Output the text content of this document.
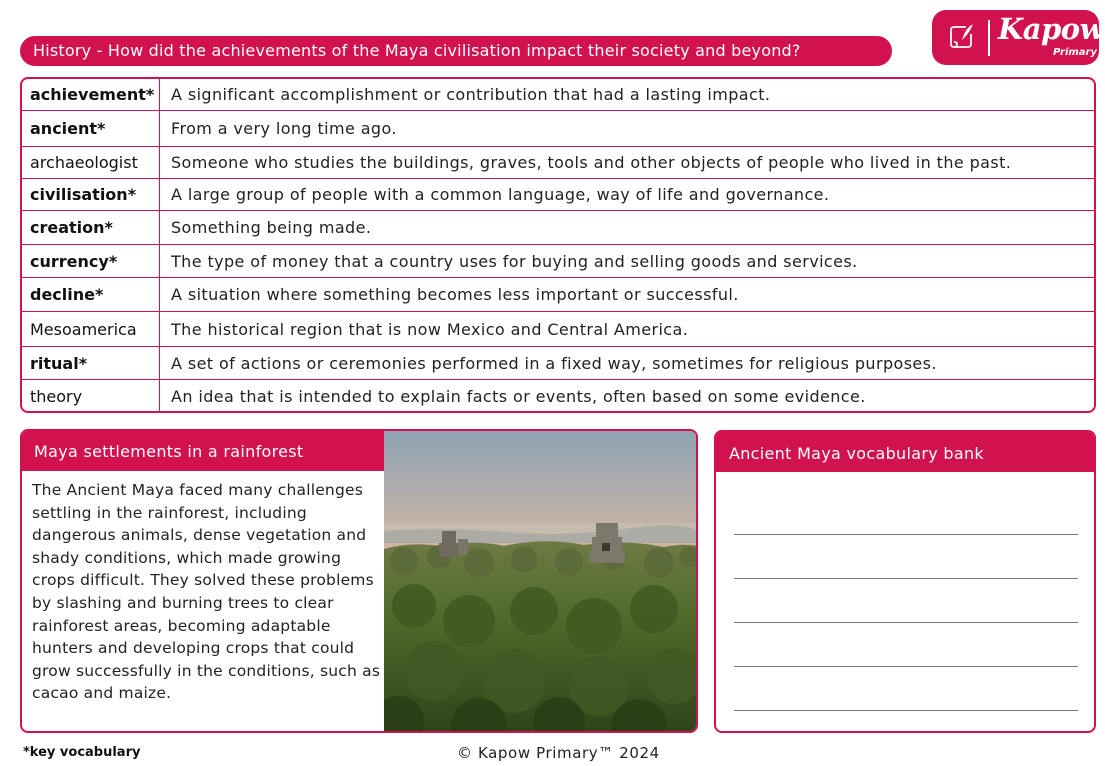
History - How did the achievements of the Maya civilisation impact their society and beyond?
Kapow
Primary
achievement*	A significant accomplishment or contribution that had a lasting impact.
ancient*	From a very long time ago.
archaeologist	Someone who studies the buildings, graves, tools and other objects of people who lived in the past.
civilisation*	A large group of people with a common language, way of life and governance.
creation*	Something being made.
currency*	The type of money that a country uses for buying and selling goods and services.
decline*	A situation where something becomes less important or successful.
Mesoamerica	The historical region that is now Mexico and Central America.
ritual*	A set of actions or ceremonies performed in a fixed way, sometimes for religious purposes.
theory	An idea that is intended to explain facts or events, often based on some evidence.
Maya settlements in a rainforest
The Ancient Maya faced many challenges settling in the rainforest, including dangerous animals, dense vegetation and shady conditions, which made growing crops difficult. They solved these problems by slashing and burning trees to clear rainforest areas, becoming adaptable hunters and developing crops that could grow successfully in the conditions, such as cacao and maize.
Ancient Maya vocabulary bank
*key vocabulary	© Kapow Primary™ 2024
